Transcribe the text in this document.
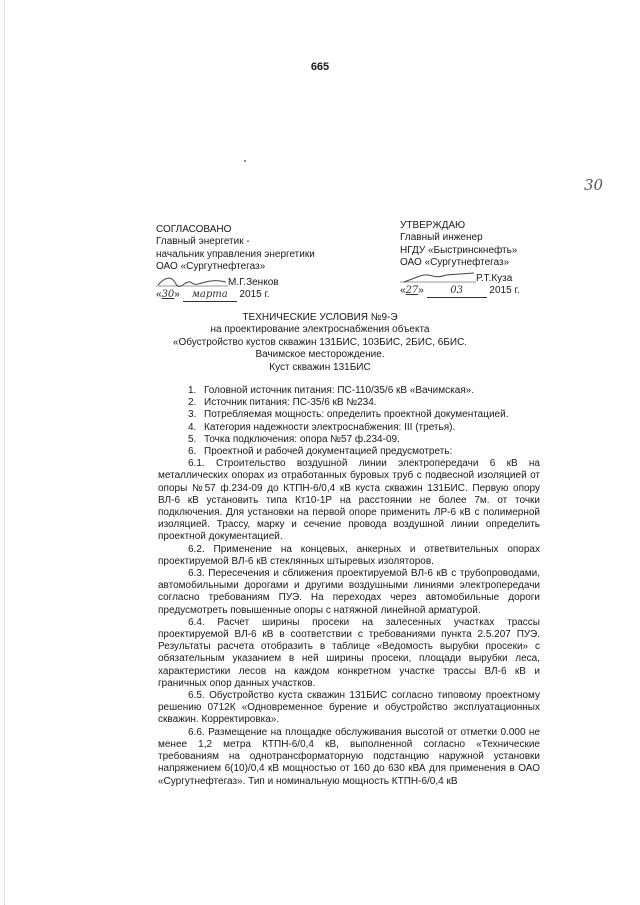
665
30
СОГЛАСОВАНО
Главный энергетик -
начальник управления энергетики
ОАО «Сургутнефтегаз»
М.Г.Зенков
«30» марта 2015 г.
УТВЕРЖДАЮ
Главный инженер
НГДУ «Быстринскнефть»
ОАО «Сургутнефтегаз»
Р.Т.Куза
«27»	03	2015 г.
ТЕХНИЧЕСКИЕ УСЛОВИЯ №9-Э
на проектирование электроснабжения объекта
«Обустройство кустов скважин 131БИС, 103БИС, 2БИС, 6БИС.
Вачимское месторождение.
Куст скважин 131БИС
1. Головной источник питания: ПС-110/35/6 кВ «Вачимская».
2. Источник питания: ПС-35/6 кВ №234.
3. Потребляемая мощность: определить проектной документацией.
4. Категория надежности электроснабжения: III (третья).
5. Точка подключения: опора №57 ф.234-09.
6. Проектной и рабочей документацией предусмотреть:

6.1. Строительство воздушной линии электропередачи 6 кВ на металлических опорах из отработанных буровых труб с подвесной изоляцией от опоры №57 ф.234-09 до КТПН-6/0,4 кВ куста скважин 131БИС. Первую опору ВЛ-6 кВ установить типа Кт10-1Р на расстоянии не более 7м. от точки подключения. Для установки на первой опоре применить ЛР-6 кВ с полимерной изоляцией. Трассу, марку и сечение провода воздушной линии определить проектной документацией.

6.2. Применение на концевых, анкерных и ответвительных опорах проектируемой ВЛ-6 кВ стеклянных штыревых изоляторов.

6.3. Пересечения и сближения проектируемой ВЛ-6 кВ с трубопроводами, автомобильными дорогами и другими воздушными линиями электропередачи согласно требованиям ПУЭ. На переходах через автомобильные дороги предусмотреть повышенные опоры с натяжной линейной арматурой.

6.4. Расчет ширины просеки на залесенных участках трассы проектируемой ВЛ-6 кВ в соответствии с требованиями пункта 2.5.207 ПУЭ. Результаты расчета отобразить в таблице «Ведомость вырубки просеки» с обязательным указанием в ней ширины просеки, площади вырубки леса, характеристики лесов на каждом конкретном участке трассы ВЛ-6 кВ и граничных опор данных участков.

6.5. Обустройство куста скважин 131БИС согласно типовому проектному решению 0712К «Одновременное бурение и обустройство эксплуатационных скважин. Корректировка».

6.6. Размещение на площадке обслуживания высотой от отметки 0.000 не менее 1,2 метра КТПН-6/0,4 кВ, выполненной согласно «Технические требованиям на однотрансформаторную подстанцию наружной установки напряжением 6(10)/0,4 кВ мощностью от 160 до 630 кВА для применения в ОАО «Сургутнефтегаз». Тип и номинальную мощность КТПН-6/0,4 кВ
